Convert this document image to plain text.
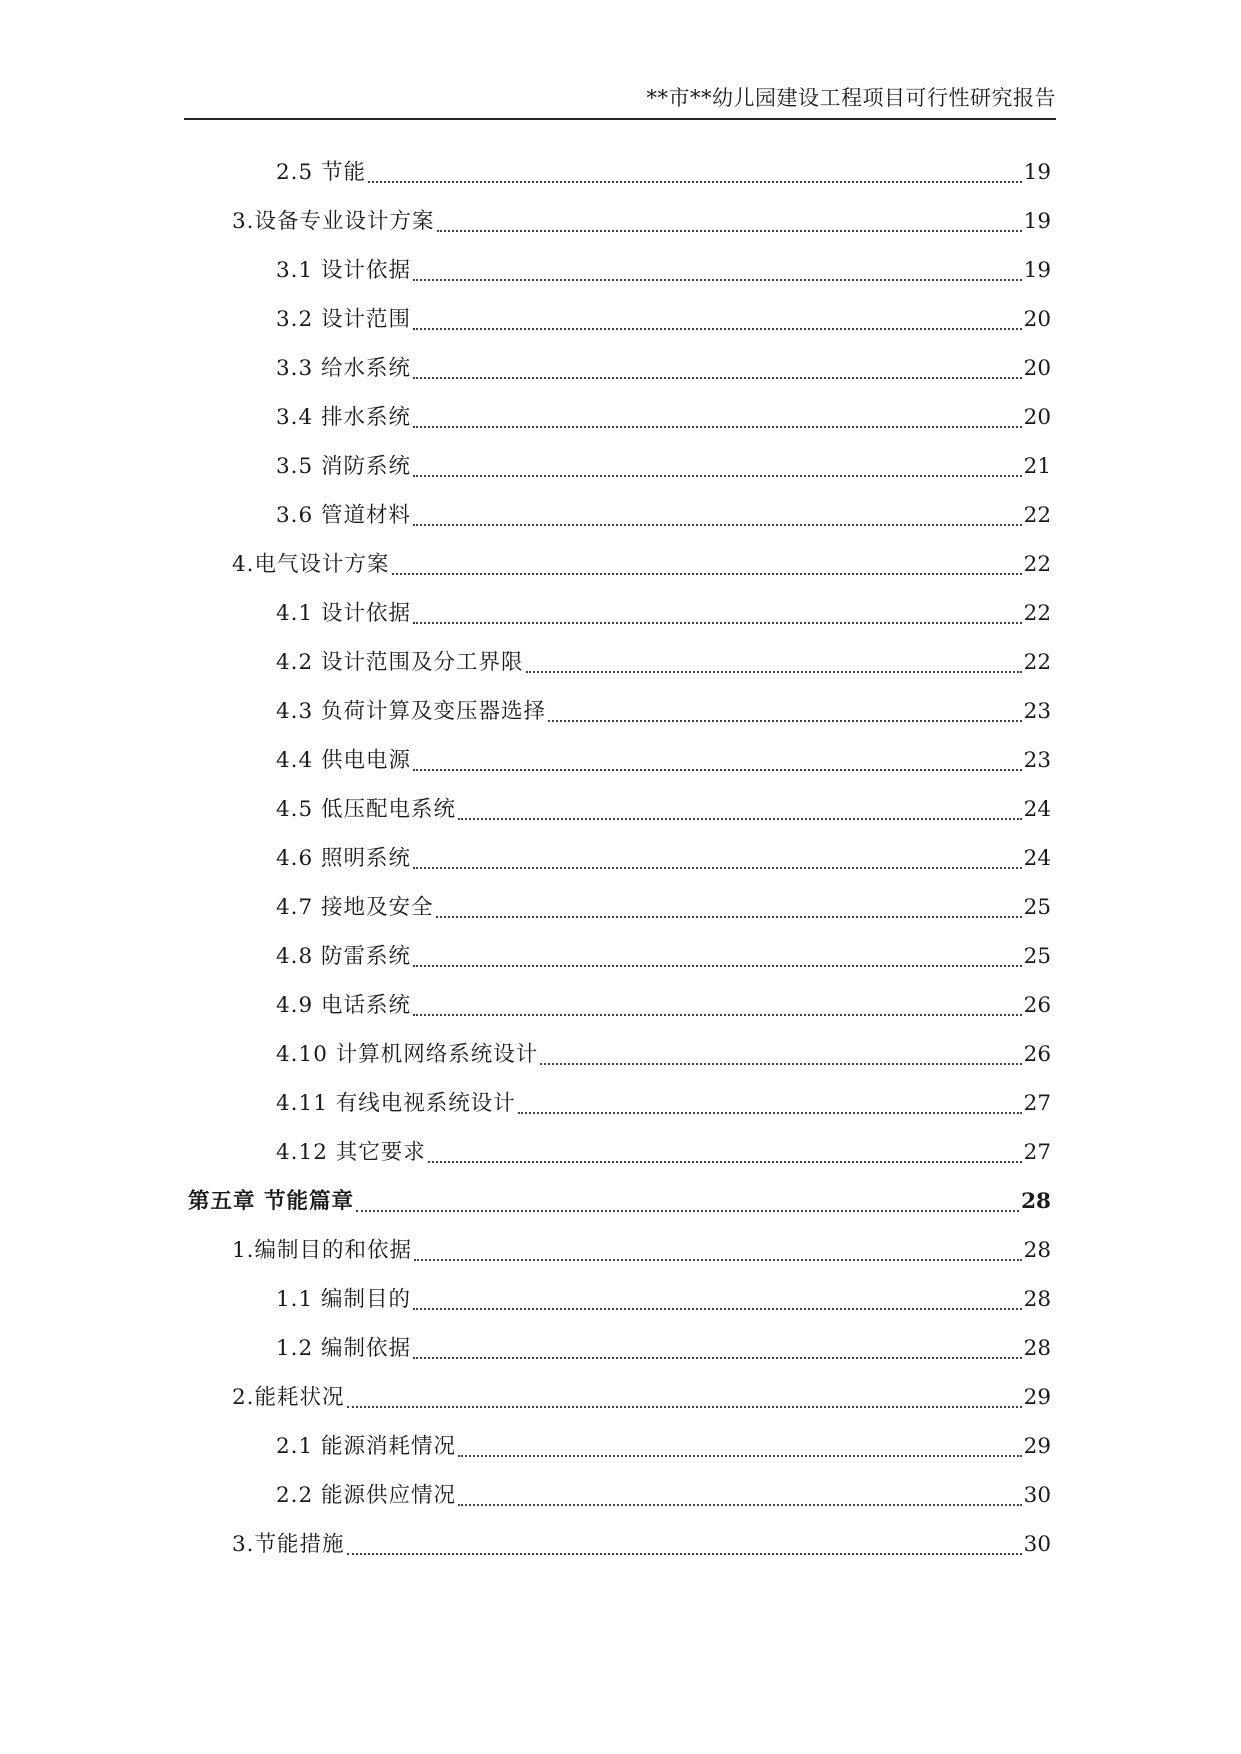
**市**幼儿园建设工程项目可行性研究报告
2.5 节能	19
3.设备专业设计方案	19
3.1 设计依据	19
3.2 设计范围	20
3.3 给水系统	20
3.4 排水系统	20
3.5 消防系统	21
3.6 管道材料	22
4.电气设计方案	22
4.1 设计依据	22
4.2 设计范围及分工界限	22
4.3 负荷计算及变压器选择	23
4.4 供电电源	23
4.5 低压配电系统	24
4.6 照明系统	24
4.7 接地及安全	25
4.8 防雷系统	25
4.9 电话系统	26
4.10 计算机网络系统设计	26
4.11 有线电视系统设计	27
4.12 其它要求	27
第五章 节能篇章	28
1.编制目的和依据	28
1.1 编制目的	28
1.2 编制依据	28
2.能耗状况	29
2.1 能源消耗情况	29
2.2 能源供应情况	30
3.节能措施	30
